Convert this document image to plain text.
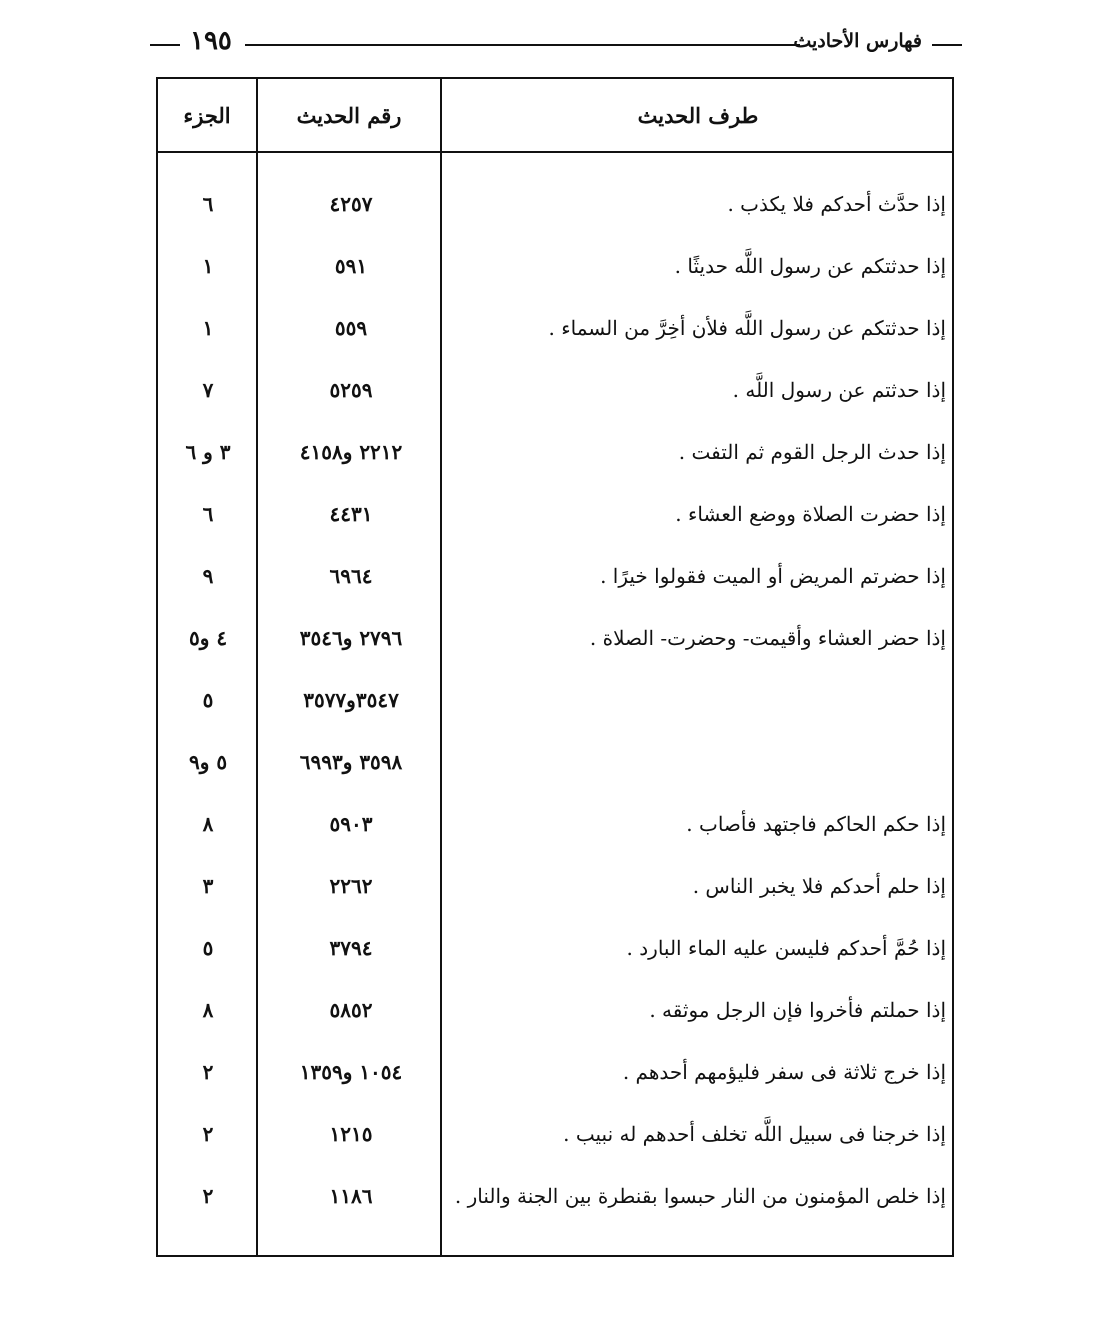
١٩٥	فهارس الأحاديث
طرف الحديث
رقم الحديث
الجزء
إذا حدَّث أحدكم فلا يكذب .
٤٢٥٧
٦
إذا حدثتكم عن رسول اللَّه حديثًا .
٥٩١
١
إذا حدثتكم عن رسول اللَّه فلأن أخِرَّ من السماء .
٥٥٩
١
إذا حدثتم عن رسول اللَّه .
٥٢٥٩
٧
إذا حدث الرجل القوم ثم التفت .
٢٢١٢ و٤١٥٨
٣ و ٦
إذا حضرت الصلاة ووضع العشاء .
٤٤٣١
٦
إذا حضرتم المريض أو الميت فقولوا خيرًا .
٦٩٦٤
٩
إذا حضر العشاء وأقيمت- وحضرت- الصلاة .
٢٧٩٦ و٣٥٤٦
٤ و٥
٣٥٤٧و٣٥٧٧
٥
٣٥٩٨ و٦٩٩٣
٥ و٩
إذا حكم الحاكم فاجتهد فأصاب .
٥٩٠٣
٨
إذا حلم أحدكم فلا يخبر الناس .
٢٢٦٢
٣
إذا حُمَّ أحدكم فليسن عليه الماء البارد .
٣٧٩٤
٥
إذا حملتم فأخروا فإن الرجل موثقه .
٥٨٥٢
٨
إذا خرج ثلاثة فى سفر فليؤمهم أحدهم .
١٠٥٤ و١٣٥٩
٢
إذا خرجنا فى سبيل اللَّه تخلف أحدهم له نبيب .
١٢١٥
٢
إذا خلص المؤمنون من النار حبسوا بقنطرة بين الجنة والنار .
١١٨٦
٢
